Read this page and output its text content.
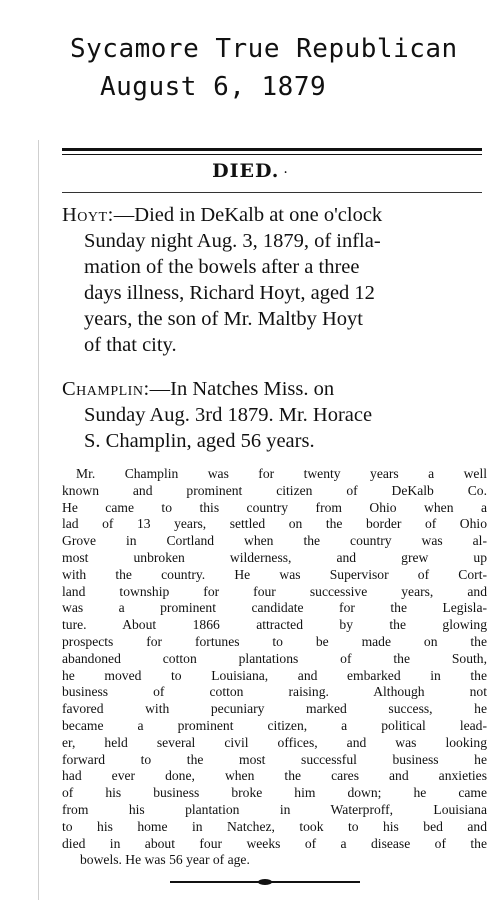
Sycamore True Republican
August 6, 1879
DIED. ·
Hoyt:—Died in DeKalb at one o'clock
Sunday night Aug. 3, 1879, of infla-
mation of the bowels after a three
days illness, Richard Hoyt, aged 12
years, the son of Mr. Maltby Hoyt
of that city.
Champlin:—In Natches Miss. on
Sunday Aug. 3rd 1879. Mr. Horace
S. Champlin, aged 56 years.
Mr. Champlin was for twenty years a well
known and prominent citizen of DeKalb Co.
He came to this country from Ohio when a
lad of 13 years, settled on the border of Ohio
Grove in Cortland when the country was al-
most unbroken wilderness, and grew up
with the country. He was Supervisor of Cort-
land township for four successive years, and
was a prominent candidate for the Legisla-
ture. About 1866 attracted by the glowing
prospects for fortunes to be made on the
abandoned cotton plantations of the South,
he moved to Louisiana, and embarked in the
business of cotton raising. Although not
favored with pecuniary marked success, he
became a prominent citizen, a political lead-
er, held several civil offices, and was looking
forward to the most successful business he
had ever done, when the cares and anxieties
of his business broke him down; he came
from his plantation in Waterproff, Louisiana
to his home in Natchez, took to his bed and
died in about four weeks of a disease of the
bowels. He was 56 year of age.
